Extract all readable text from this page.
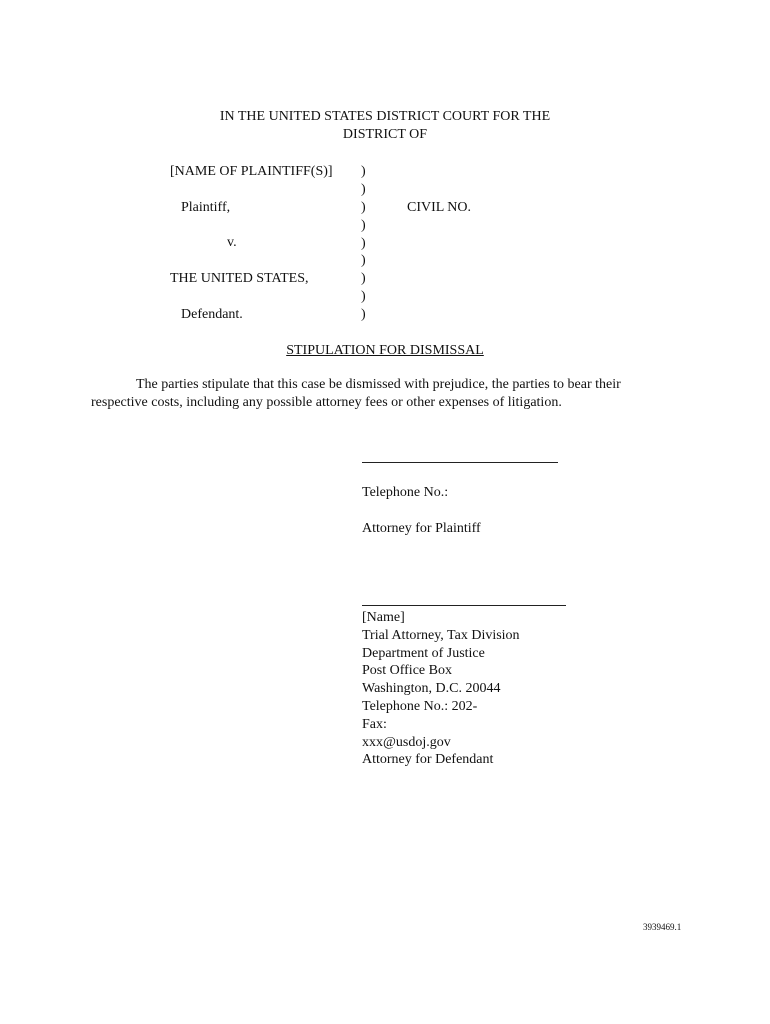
IN THE UNITED STATES DISTRICT COURT FOR THE
DISTRICT OF
[NAME OF PLAINTIFF(S)]
Plaintiff,
v.
THE UNITED STATES,
Defendant.
)
)
)
)
)
)
)
)
)
CIVIL NO.
STIPULATION FOR DISMISSAL
The parties stipulate that this case be dismissed with prejudice, the parties to bear their respective costs, including any possible attorney fees or other expenses of litigation.
Telephone No.:
Attorney for Plaintiff
[Name]
Trial Attorney, Tax Division
Department of Justice
Post Office Box
Washington, D.C. 20044
Telephone No.: 202-
Fax:
xxx@usdoj.gov
Attorney for Defendant
3939469.1
